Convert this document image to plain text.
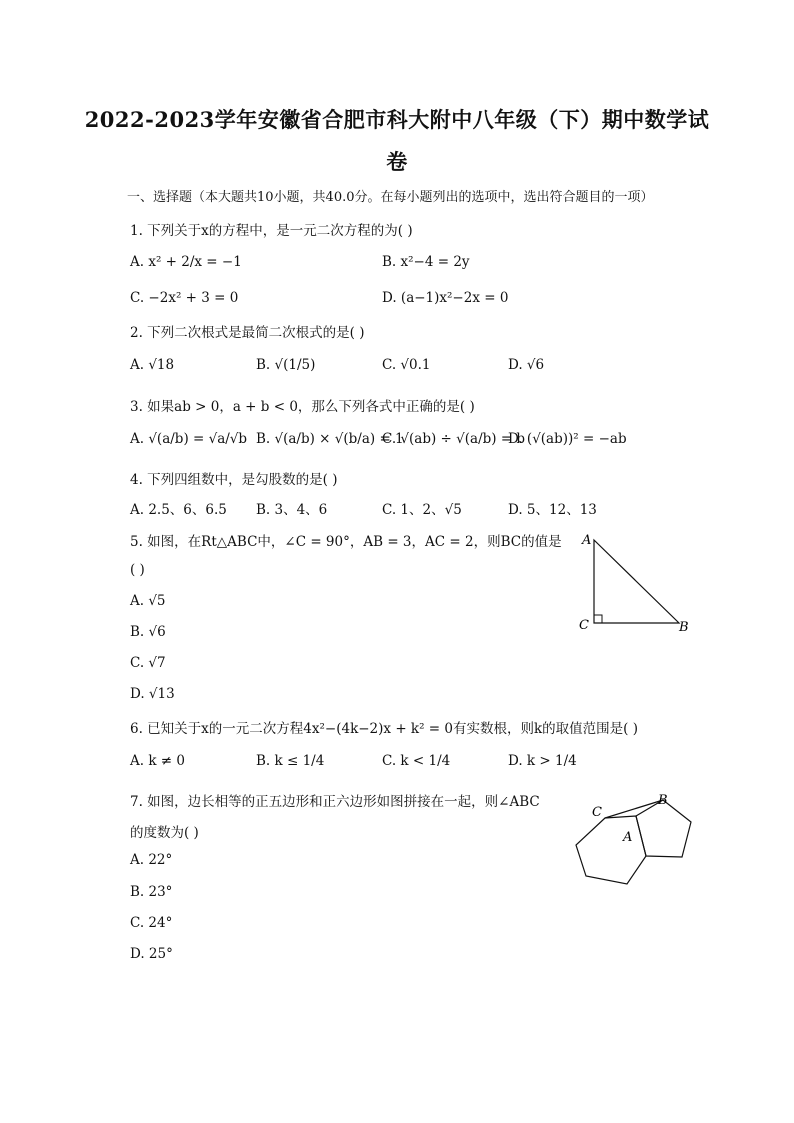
2022-2023学年安徽省合肥市科大附中八年级（下）期中数学试
卷
一、选择题（本大题共10小题，共40.0分。在每小题列出的选项中，选出符合题目的一项）
1. 下列关于x的方程中，是一元二次方程的为( )
A. x² + 2/x = −1	B. x²−4 = 2y
C. −2x² + 3 = 0	D. (a−1)x²−2x = 0
2. 下列二次根式是最简二次根式的是( )
A. √18	B. √(1/5)	C. √0.1	D. √6
3. 如果ab > 0，a + b < 0，那么下列各式中正确的是( )
A. √(a/b) = √a/√b B. √(a/b) × √(b/a) = 1
C. √(ab) ÷ √(a/b) = b
D. (√(ab))² = −ab
4. 下列四组数中，是勾股数的是( )
A. 2.5、6、6.5 B. 3、4、6	C. 1、2、√5	D. 5、12、13
5. 如图，在Rt△ABC中，∠C = 90°，AB = 3，AC = 2，则BC的值是
( )
A. √5
B. √6
C. √7
D. √13
A
C	B
6. 已知关于x的一元二次方程4x²−(4k−2)x + k² = 0有实数根，则k的取值范围是( )
A. k ≠ 0	B. k ≤ 1/4	C. k < 1/4	D. k > 1/4
7. 如图，边长相等的正五边形和正六边形如图拼接在一起，则∠ABC
的度数为( )
A. 22°
B. 23°
C. 24°
D. 25°
C
B
A
